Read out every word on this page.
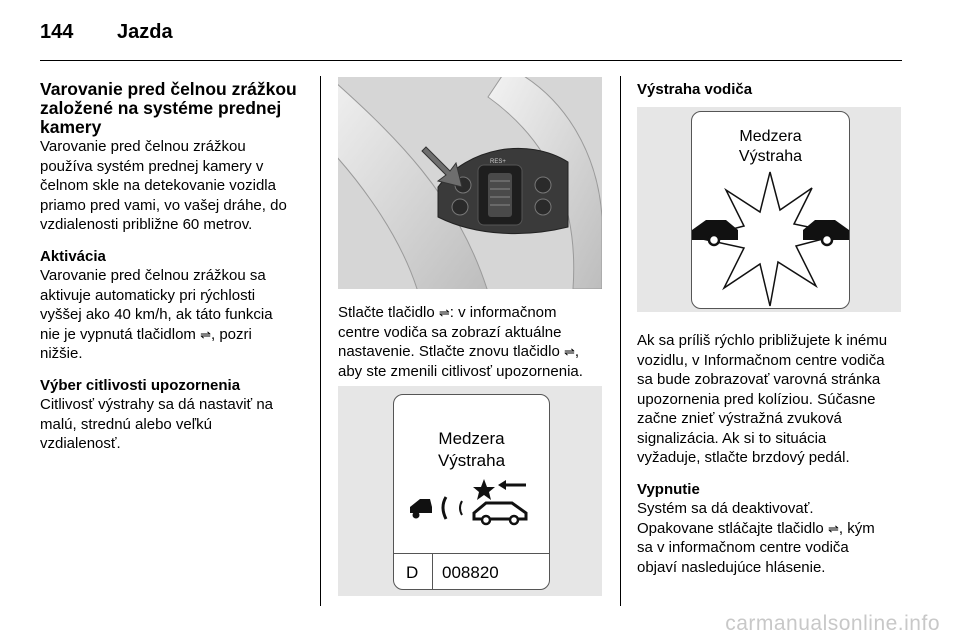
144 Jazda
Varovanie pred čelnou zrážkou
založené na systéme prednej
kamery

Varovanie pred čelnou zrážkou
používa systém prednej kamery v
čelnom skle na detekovanie vozidla
priamo pred vami, vo vašej dráhe, do
vzdialenosti približne 60 metrov.

Aktivácia

Varovanie pred čelnou zrážkou sa
aktivuje automaticky pri rýchlosti
vyššej ako 40 km/h, ak táto funkcia
nie je vypnutá tlačidlom ⇌, pozri
nižšie.

Výber citlivosti upozornenia

Citlivosť výstrahy sa dá nastaviť na
malú, strednú alebo veľkú
vzdialenosť.

RES+

Stlačte tlačidlo ⇌: v informačnom
centre vodiča sa zobrazí aktuálne
nastavenie. Stlačte znovu tlačidlo ⇌,
aby ste zmenili citlivosť upozornenia.

Medzera
Výstraha
D 008820
Výstraha vodiča
Medzera
Výstraha

Ak sa príliš rýchlo približujete k inému
vozidlu, v Informačnom centre vodiča
sa bude zobrazovať varovná stránka
upozornenia pred kolíziou. Súčasne
začne znieť výstražná zvuková
signalizácia. Ak si to situácia
vyžaduje, stlačte brzdový pedál.

Vypnutie

Systém sa dá deaktivovať.
Opakovane stláčajte tlačidlo ⇌, kým
sa v informačnom centre vodiča
objaví nasledujúce hlásenie.

carmanualsonline.info
